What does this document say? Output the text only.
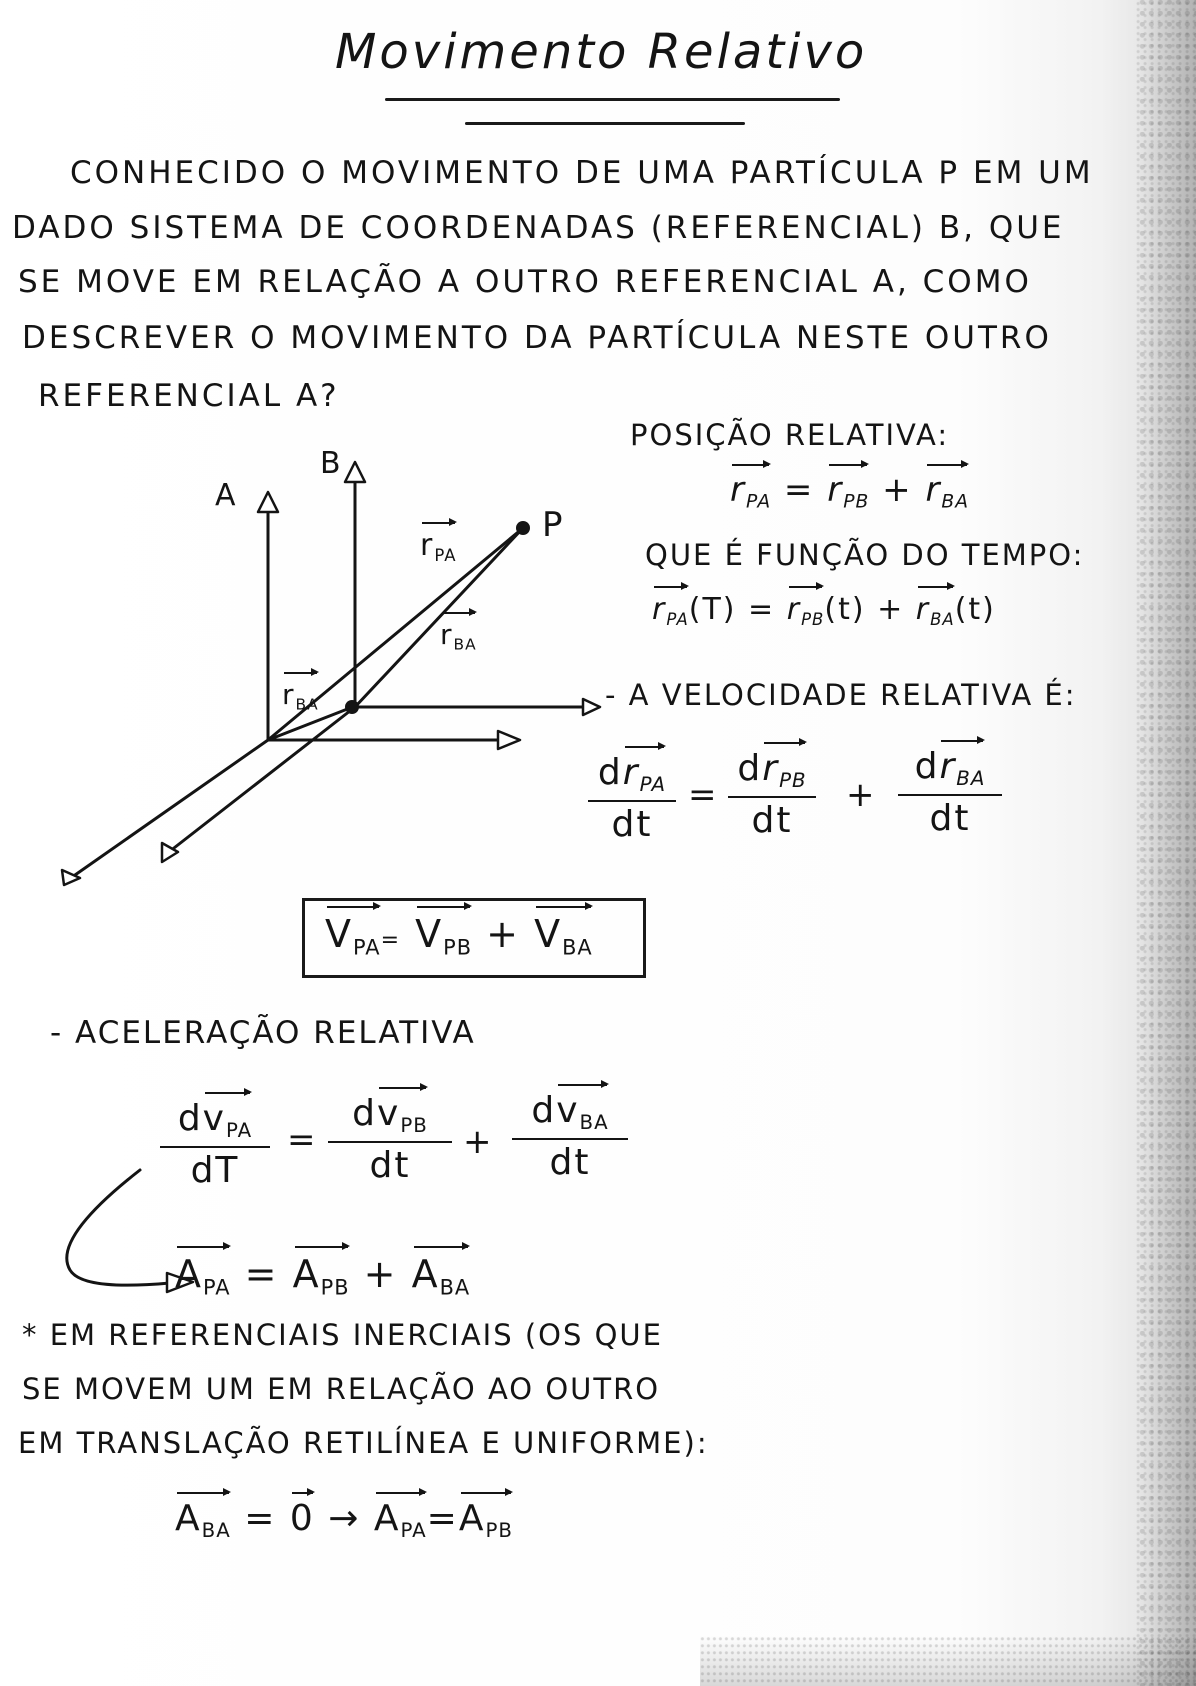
Movimento Relativo

CONHECIDO O MOVIMENTO DE UMA PARTÍCULA P EM UM

DADO SISTEMA DE COORDENADAS (REFERENCIAL) B, QUE

SE MOVE EM RELAÇÃO A OUTRO REFERENCIAL A, COMO

DESCREVER O MOVIMENTO DA PARTÍCULA NESTE OUTRO

REFERENCIAL A?

A
B
P
$r_{PA}$
$r_{BA}$
$r_{BA}$

POSIÇÃO RELATIVA:

$r_{PA} = r_{PB} + r_{BA}$

QUE É FUNÇÃO DO TEMPO:

$r_{PA}(T) = r_{PB}(t) + r_{BA}(t)$

- A VELOCIDADE RELATIVA É:

$dr_{PA}$
dt
=
$dr_{PB}$
dt
+
$dr_{BA}$
dt

$V_{PA}= V_{PB} + V_{BA}$

- ACELERAÇÃO RELATIVA

$dv_{PA}$
dT
=
$dv_{PB}$
dt
+
$dv_{BA}$
dt

$A_{PA} = A_{PB} + A_{BA}$

* EM REFERENCIAIS INERCIAIS (OS QUE

SE MOVEM UM EM RELAÇÃO AO OUTRO

EM TRANSLAÇÃO RETILÍNEA E UNIFORME):

$A_{BA} = 0 \to A_{PA}=A_{PB}$
